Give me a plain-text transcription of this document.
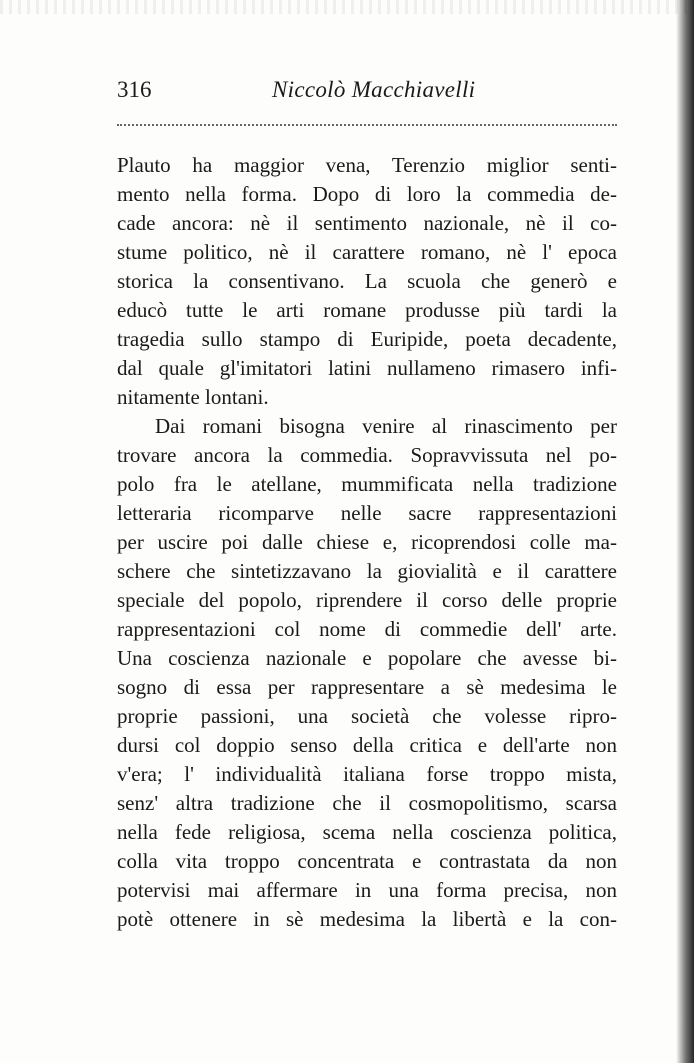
316	Niccolò Macchiavelli
Plauto ha maggior vena, Terenzio miglior senti-
mento nella forma. Dopo di loro la commedia de-
cade ancora: nè il sentimento nazionale, nè il co-
stume politico, nè il carattere romano, nè l' epoca
storica la consentivano. La scuola che generò e
educò tutte le arti romane produsse più tardi la
tragedia sullo stampo di Euripide, poeta decadente,
dal quale gl'imitatori latini nullameno rimasero infi-
nitamente lontani.
Dai romani bisogna venire al rinascimento per
trovare ancora la commedia. Sopravvissuta nel po-
polo fra le atellane, mummificata nella tradizione
letteraria ricomparve nelle sacre rappresentazioni
per uscire poi dalle chiese e, ricoprendosi colle ma-
schere che sintetizzavano la giovialità e il carattere
speciale del popolo, riprendere il corso delle proprie
rappresentazioni col nome di commedie dell' arte.
Una coscienza nazionale e popolare che avesse bi-
sogno di essa per rappresentare a sè medesima le
proprie passioni, una società che volesse ripro-
dursi col doppio senso della critica e dell'arte non
v'era; l' individualità italiana forse troppo mista,
senz' altra tradizione che il cosmopolitismo, scarsa
nella fede religiosa, scema nella coscienza politica,
colla vita troppo concentrata e contrastata da non
potervisi mai affermare in una forma precisa, non
potè ottenere in sè medesima la libertà e la con-
